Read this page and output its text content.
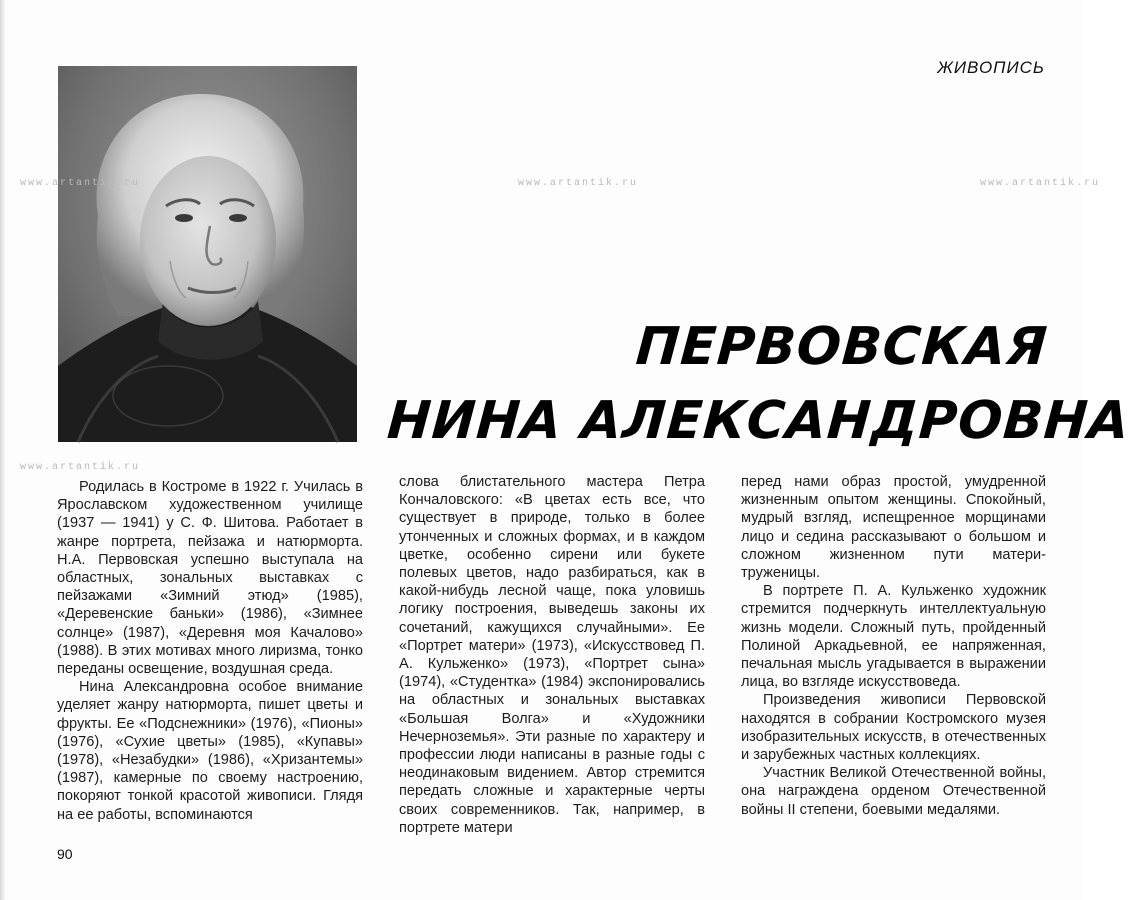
ЖИВОПИСЬ
ПЕРВОВСКАЯ
НИНА АЛЕКСАНДРОВНА
www.artantik.ru	www.artantik.ru	www.artantik.ru
www.artantik.ru

Родилась в Костроме в 1922 г. Училась в Ярославском художественном училище (1937 — 1941) у С. Ф. Шитова. Работает в жанре портрета, пейзажа и натюрморта. Н.А. Первовская успешно выступала на областных, зональных выставках с пейзажами «Зимний этюд» (1985), «Деревенские баньки» (1986), «Зимнее солнце» (1987), «Деревня моя Качалово» (1988). В этих мотивах много лиризма, тонко переданы освещение, воздушная среда.

Нина Александровна особое внимание уделяет жанру натюрморта, пишет цветы и фрукты. Ее «Подснежники» (1976), «Пионы» (1976), «Сухие цветы» (1985), «Купавы» (1978), «Незабудки» (1986), «Хризантемы» (1987), камерные по своему настроению, покоряют тонкой красотой живописи. Глядя на ее работы, вспоминаются

слова блистательного мастера Петра Кончаловского: «В цветах есть все, что существует в природе, только в более утонченных и сложных формах, и в каждом цветке, особенно сирени или букете полевых цветов, надо разбираться, как в какой-нибудь лесной чаще, пока уловишь логику построения, выведешь законы их сочетаний, кажущихся случайными». Ее «Портрет матери» (1973), «Искусствовед П. А. Кульженко» (1973), «Портрет сына» (1974), «Студентка» (1984) экспонировались на областных и зональных выставках «Большая Волга» и «Художники Нечерноземья». Эти разные по характеру и профессии люди написаны в разные годы с неодинаковым видением. Автор стремится передать сложные и характерные черты своих современников. Так, например, в портрете матери

перед нами образ простой, умудренной жизненным опытом женщины. Спокойный, мудрый взгляд, испещренное морщинами лицо и седина рассказывают о большом и сложном жизненном пути матери-труженицы.

В портрете П. А. Кульженко художник стремится подчеркнуть интеллектуальную жизнь модели. Сложный путь, пройденный Полиной Аркадьевной, ее напряженная, печальная мысль угадывается в выражении лица, во взгляде искусствоведа.

Произведения живописи Первовской находятся в собрании Костромского музея изобразительных искусств, в отечественных и зарубежных частных коллекциях.

Участник Великой Отечественной войны, она награждена орденом Отечественной войны II степени, боевыми медалями.

90
